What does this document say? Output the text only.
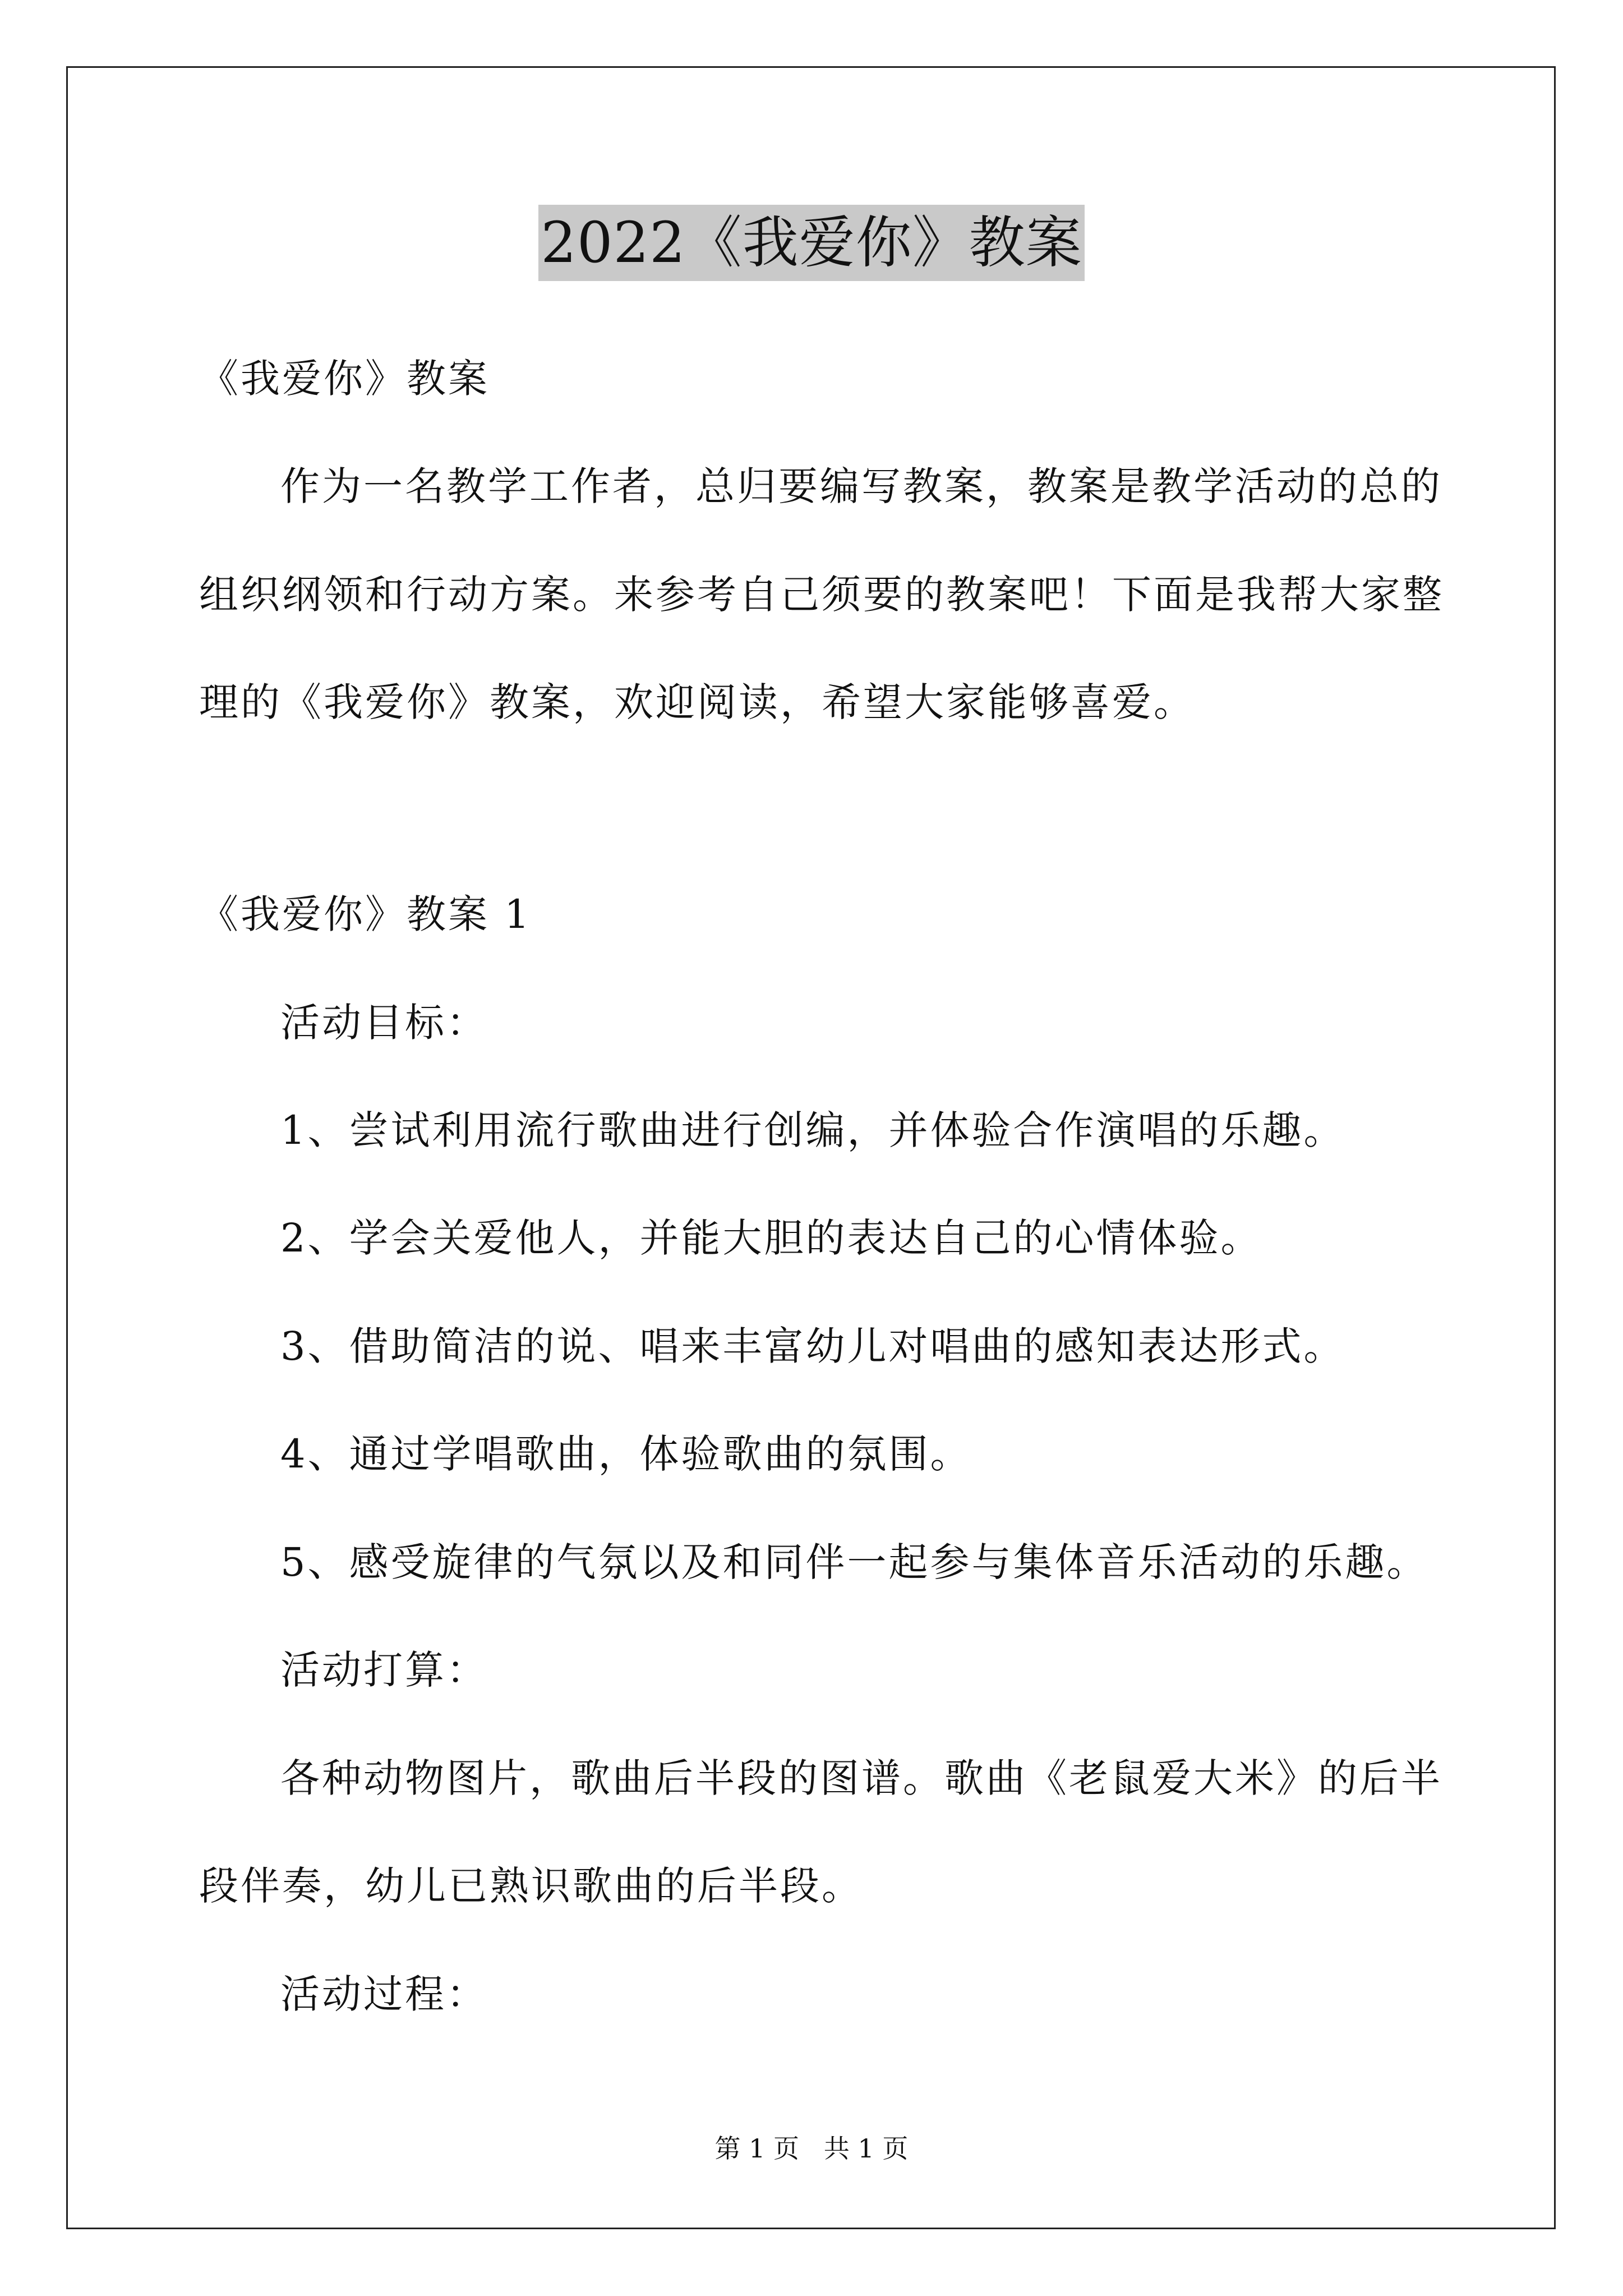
2022《我爱你》教案
《我爱你》教案
作为一名教学工作者，总归要编写教案，教案是教学活动的总的
组织纲领和行动方案。来参考自己须要的教案吧！下面是我帮大家整
理的《我爱你》教案，欢迎阅读，希望大家能够喜爱。
《我爱你》教案 1
活动目标：
1、尝试利用流行歌曲进行创编，并体验合作演唱的乐趣。
2、学会关爱他人，并能大胆的表达自己的心情体验。
3、借助简洁的说、唱来丰富幼儿对唱曲的感知表达形式。
4、通过学唱歌曲，体验歌曲的氛围。
5、感受旋律的气氛以及和同伴一起参与集体音乐活动的乐趣。
活动打算：
各种动物图片，歌曲后半段的图谱。歌曲《老鼠爱大米》的后半
段伴奏，幼儿已熟识歌曲的后半段。
活动过程：
第 1 页   共 1 页
